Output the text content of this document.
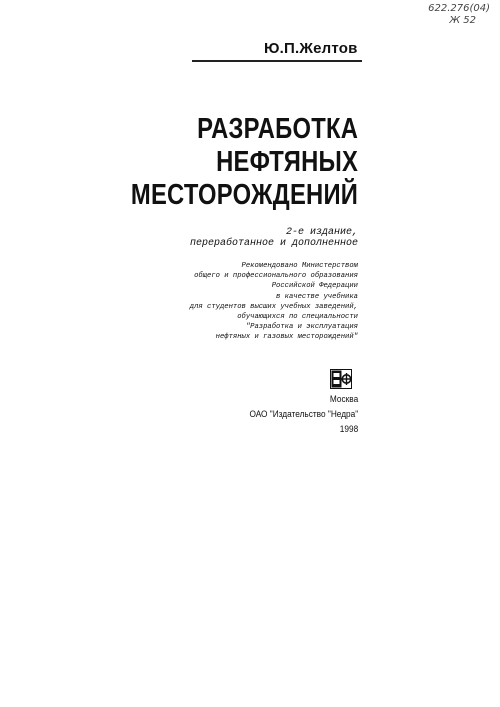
622.276(04)
Ж 52
Ю.П.Желтов
РАЗРАБОТКА
НЕФТЯНЫХ
МЕСТОРОЖДЕНИЙ
2-е издание,
переработанное и дополненное
Рекомендовано Министерством
общего и профессионального образования
Российской Федерации
в качестве учебника
для студентов высших учебных заведений,
обучающихся по специальности
"Разработка и эксплуатация
нефтяных и газовых месторождений"
Москва
ОАО "Издательство "Недра"
1998
